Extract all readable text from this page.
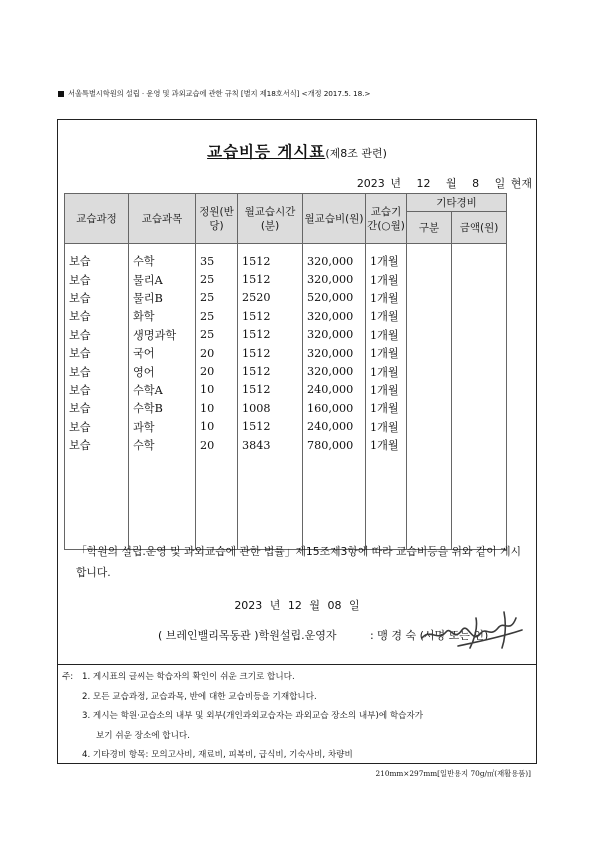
서울특별시학원의 설립 · 운영 및 과외교습에 관한 규칙 [별지 제18호서식] <개정 2017.5. 18.>
교습비등 게시표(제8조 관련)
2023 년 12 월 8 일 현재
교습과정	교습과목	정원(반당)	월교습시간(분)	월교습비(원)	교습기간(○월)	기타경비	
						구분	금액(원)
보습	수학	35	1512	320,000	1개월		
보습	물리A	25	1512	320,000	1개월		
보습	물리B	25	2520	520,000	1개월		
보습	화학	25	1512	320,000	1개월		
보습	생명과학	25	1512	320,000	1개월		
보습	국어	20	1512	320,000	1개월		
보습	영어	20	1512	320,000	1개월		
보습	수학A	10	1512	240,000	1개월		
보습	수학B	10	1008	160,000	1개월		
보습	과학	10	1512	240,000	1개월		
보습	수학	20	3843	780,000	1개월		

「학원의 설립.운영 및 과외교습에 관한 법률」제15조제3항에 따라 교습비등을 위와 같이 게시합니다.
2023 년 12 월 08 일
( 브레인밸리목동관 )학원설립.운영자	: 맹 경 숙 (서명 또는 인)
주:	1. 게시표의 글씨는 학습자의 확인이 쉬운 크기로 합니다.
2. 모든 교습과정, 교습과목, 반에 대한 교습비등을 기재합니다.
3. 게시는 학원·교습소의 내부 및 외부(개인과외교습자는 과외교습 장소의 내부)에 학습자가
보기 쉬운 장소에 합니다.
4. 기타경비 항목: 모의고사비, 재료비, 피복비, 급식비, 기숙사비, 차량비
210mm×297mm[일반용지 70g/㎡(재활용품)]
